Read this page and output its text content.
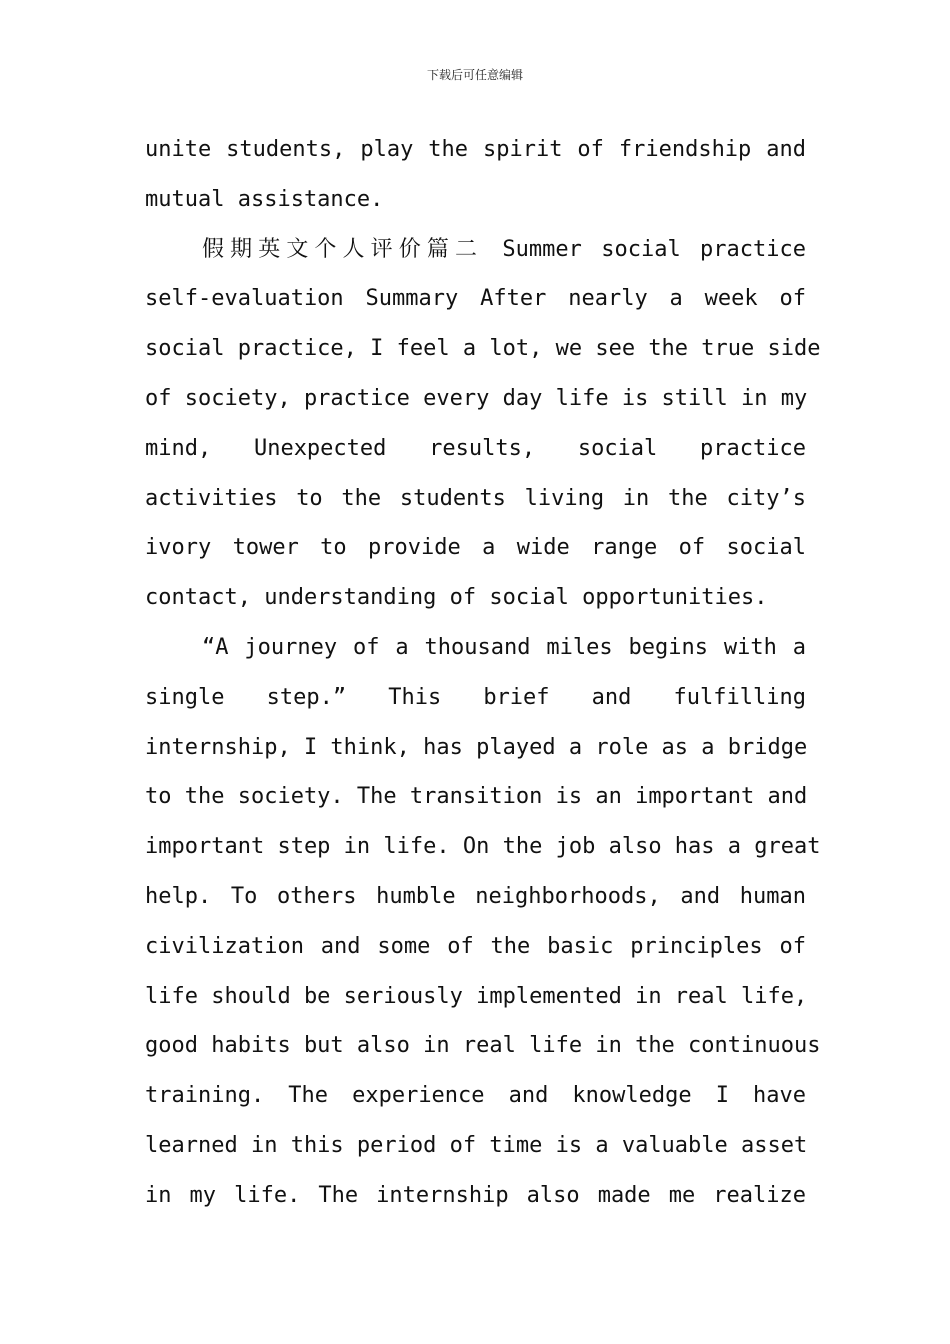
下载后可任意编辑
unite students, play the spirit of friendship and
mutual assistance.
假期英文个人评价篇二 Summer social practice
self-evaluation Summary After nearly a week of
social practice, I feel a lot, we see the true side
of society, practice every day life is still in my
mind, Unexpected results, social practice
activities to the students living in the city’s
ivory tower to provide a wide range of social
contact, understanding of social opportunities.
“A journey of a thousand miles begins with a
single step.” This brief and fulfilling
internship, I think, has played a role as a bridge
to the society. The transition is an important and
important step in life. On the job also has a great
help. To others humble neighborhoods, and human
civilization and some of the basic principles of
life should be seriously implemented in real life,
good habits but also in real life in the continuous
training. The experience and knowledge I have
learned in this period of time is a valuable asset
in my life. The internship also made me realize
